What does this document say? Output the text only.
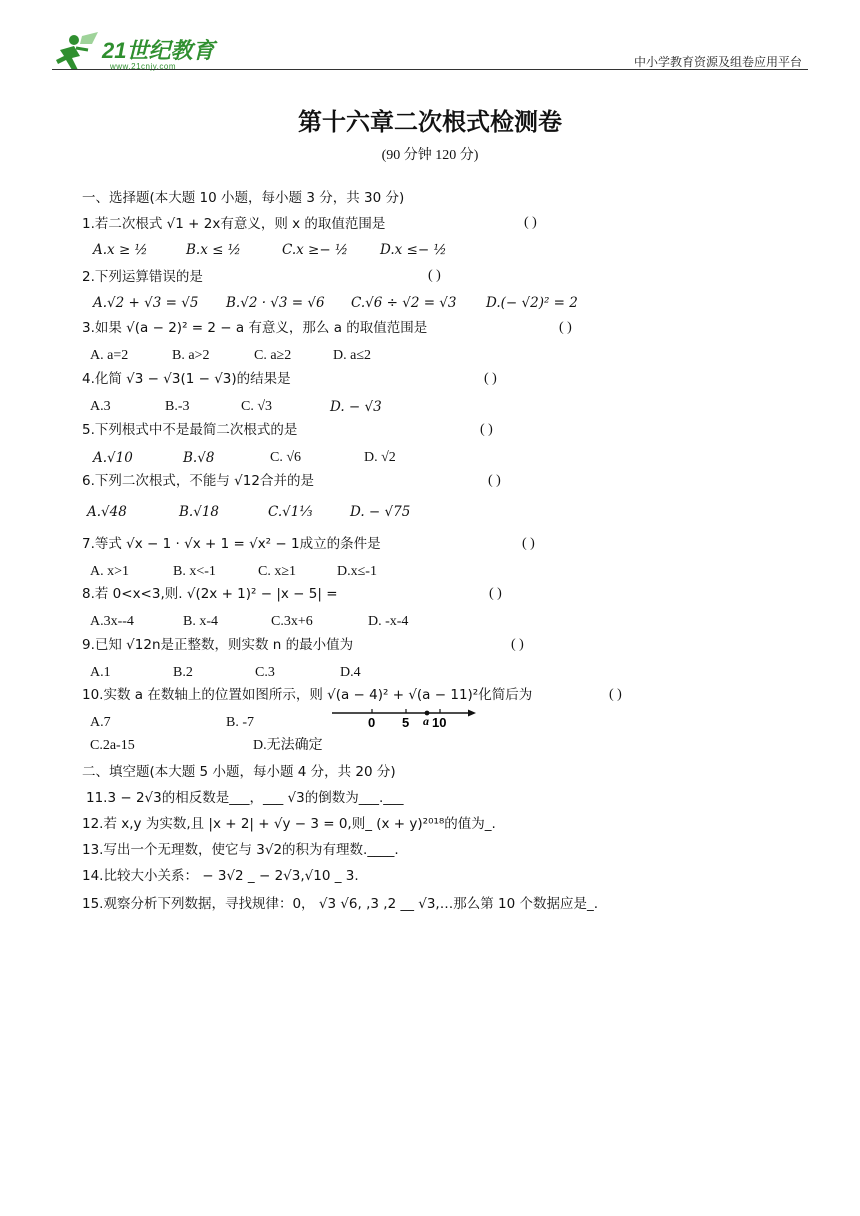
21世纪教育
www.21cnjy.com	中小学教育资源及组卷应用平台
第十六章二次根式检测卷
(90 分钟 120 分)
一、选择题(本大题 10 小题，每小题 3 分，共 30 分)
1.若二次根式 √1 + 2x有意义，则 x 的取值范围是	( )
A.x ≥ ½	B.x ≤ ½	C.x ≥− ½ D.x ≤− ½
2.下列运算错误的是	( )
A.√2 + √3 = √5 B.√2 · √3 = √6 C.√6 ÷ √2 = √3 D.(− √2)² = 2
3.如果 √(a − 2)² = 2 − a 有意义，那么 a 的取值范围是	( )
A. a=2	B. a>2	C. a≥2	D. a≤2
4.化简 √3 − √3(1 − √3)的结果是	( )
A.3	B.-3	C. √3	D. − √3
5.下列根式中不是最简二次根式的是	( )
A.√10	B.√8	C. √6	D. √2
6.下列二次根式，不能与 √12合并的是	( )
A.√48	B.√18	C.√1⅓	D. − √75
7.等式 √x − 1 · √x + 1 = √x² − 1成立的条件是	( )
A. x>1	B. x<-1	C. x≥1	D.x≤-1
8.若 0<x<3,则. √(2x + 1)² − |x − 5| =	( )
A.3x--4	B. x-4	C.3x+6	D. -x-4
9.已知 √12n是正整数，则实数 n 的最小值为	( )
A.1	B.2	C.3	D.4
10.实数 a 在数轴上的位置如图所示，则 √(a − 4)² + √(a − 11)²化简后为	( )
A.7	B. -7
C.2a-15	D.无法确定
0 5 a 10
二、填空题(本大题 5 小题，每小题 4 分，共 20 分)
11.3 − 2√3的相反数是___，___ √3的倒数为___.___
12.若 x,y 为实数,且 |x + 2| + √y − 3 = 0,则_ (x + y)²⁰¹⁸的值为_.
13.写出一个无理数，使它与 3√2的积为有理数.____.
14.比较大小关系： − 3√2 _ − 2√3,√10 _ 3.
15.观察分析下列数据，寻找规律：0， √3 √6, ,3 ,2 __ √3,…那么第 10 个数据应是_.
